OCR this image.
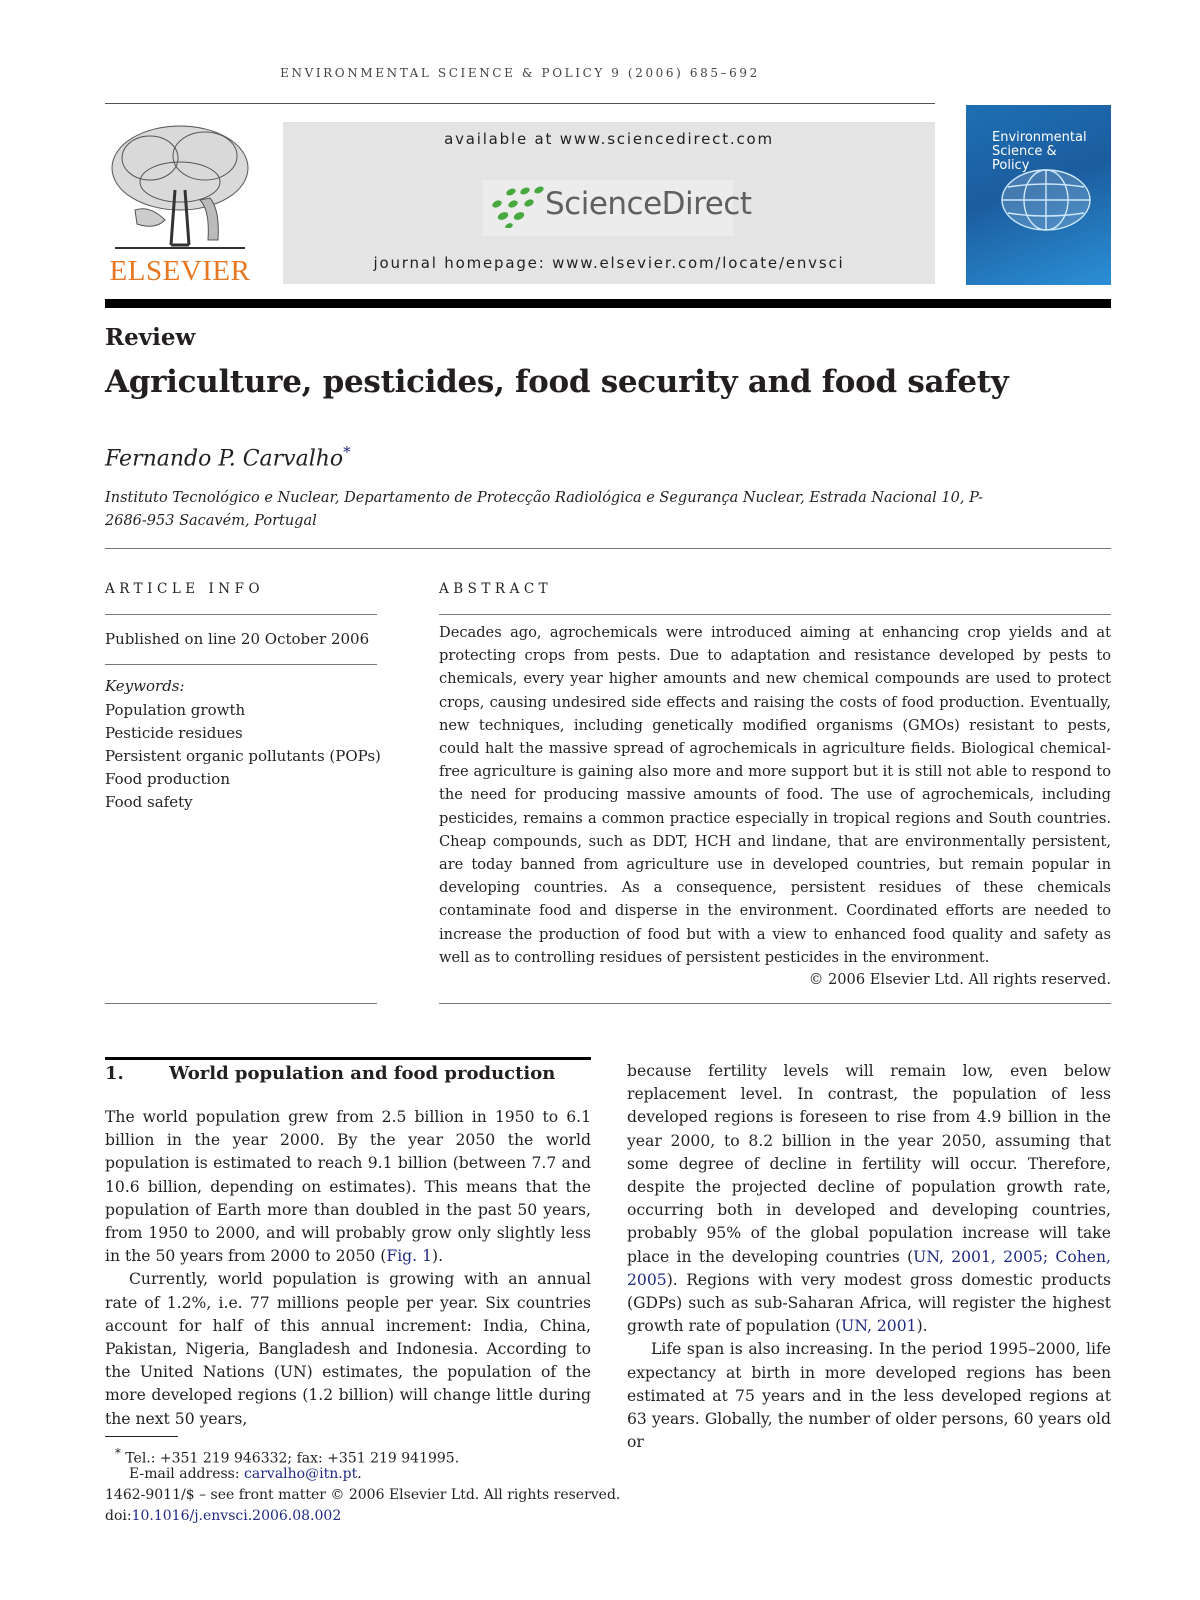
ENVIRONMENTAL SCIENCE & POLICY 9 (2006) 685–692
ELSEVIER
available at www.sciencedirect.com
ScienceDirect
journal homepage: www.elsevier.com/locate/envsci
Environmental
Science &
Policy
Review
Agriculture, pesticides, food security and food safety
Fernando P. Carvalho*
Instituto Tecnológico e Nuclear, Departamento de Protecção Radiológica e Segurança Nuclear, Estrada Nacional 10, P-2686-953 Sacavém, Portugal
ARTICLE INFO	ABSTRACT
Published on line 20 October 2006
Keywords:
Population growth
Pesticide residues
Persistent organic pollutants (POPs)
Food production
Food safety

Decades ago, agrochemicals were introduced aiming at enhancing crop yields and at protecting crops from pests. Due to adaptation and resistance developed by pests to chemicals, every year higher amounts and new chemical compounds are used to protect crops, causing undesired side effects and raising the costs of food production. Eventually, new techniques, including genetically modified organisms (GMOs) resistant to pests, could halt the massive spread of agrochemicals in agriculture fields. Biological chemical-free agriculture is gaining also more and more support but it is still not able to respond to the need for producing massive amounts of food. The use of agrochemicals, including pesticides, remains a common practice especially in tropical regions and South countries. Cheap compounds, such as DDT, HCH and lindane, that are environmentally persistent, are today banned from agriculture use in developed countries, but remain popular in developing countries. As a consequence, persistent residues of these chemicals contaminate food and disperse in the environment. Coordinated efforts are needed to increase the production of food but with a view to enhanced food quality and safety as well as to controlling residues of persistent pesticides in the environment.

© 2006 Elsevier Ltd. All rights reserved.
1.	World population and food production

The world population grew from 2.5 billion in 1950 to 6.1 billion in the year 2000. By the year 2050 the world population is estimated to reach 9.1 billion (between 7.7 and 10.6 billion, depending on estimates). This means that the population of Earth more than doubled in the past 50 years, from 1950 to 2000, and will probably grow only slightly less in the 50 years from 2000 to 2050 (Fig. 1).

Currently, world population is growing with an annual rate of 1.2%, i.e. 77 millions people per year. Six countries account for half of this annual increment: India, China, Pakistan, Nigeria, Bangladesh and Indonesia. According to the United Nations (UN) estimates, the population of the more developed regions (1.2 billion) will change little during the next 50 years,

because fertility levels will remain low, even below replacement level. In contrast, the population of less developed regions is foreseen to rise from 4.9 billion in the year 2000, to 8.2 billion in the year 2050, assuming that some degree of decline in fertility will occur. Therefore, despite the projected decline of population growth rate, occurring both in developed and developing countries, probably 95% of the global population increase will take place in the developing countries (UN, 2001, 2005; Cohen, 2005). Regions with very modest gross domestic products (GDPs) such as sub-Saharan Africa, will register the highest growth rate of population (UN, 2001).

Life span is also increasing. In the period 1995–2000, life expectancy at birth in more developed regions has been estimated at 75 years and in the less developed regions at 63 years. Globally, the number of older persons, 60 years old or

* Tel.: +351 219 946332; fax: +351 219 941995.
E-mail address: carvalho@itn.pt.
1462-9011/$ – see front matter © 2006 Elsevier Ltd. All rights reserved.
doi:10.1016/j.envsci.2006.08.002
